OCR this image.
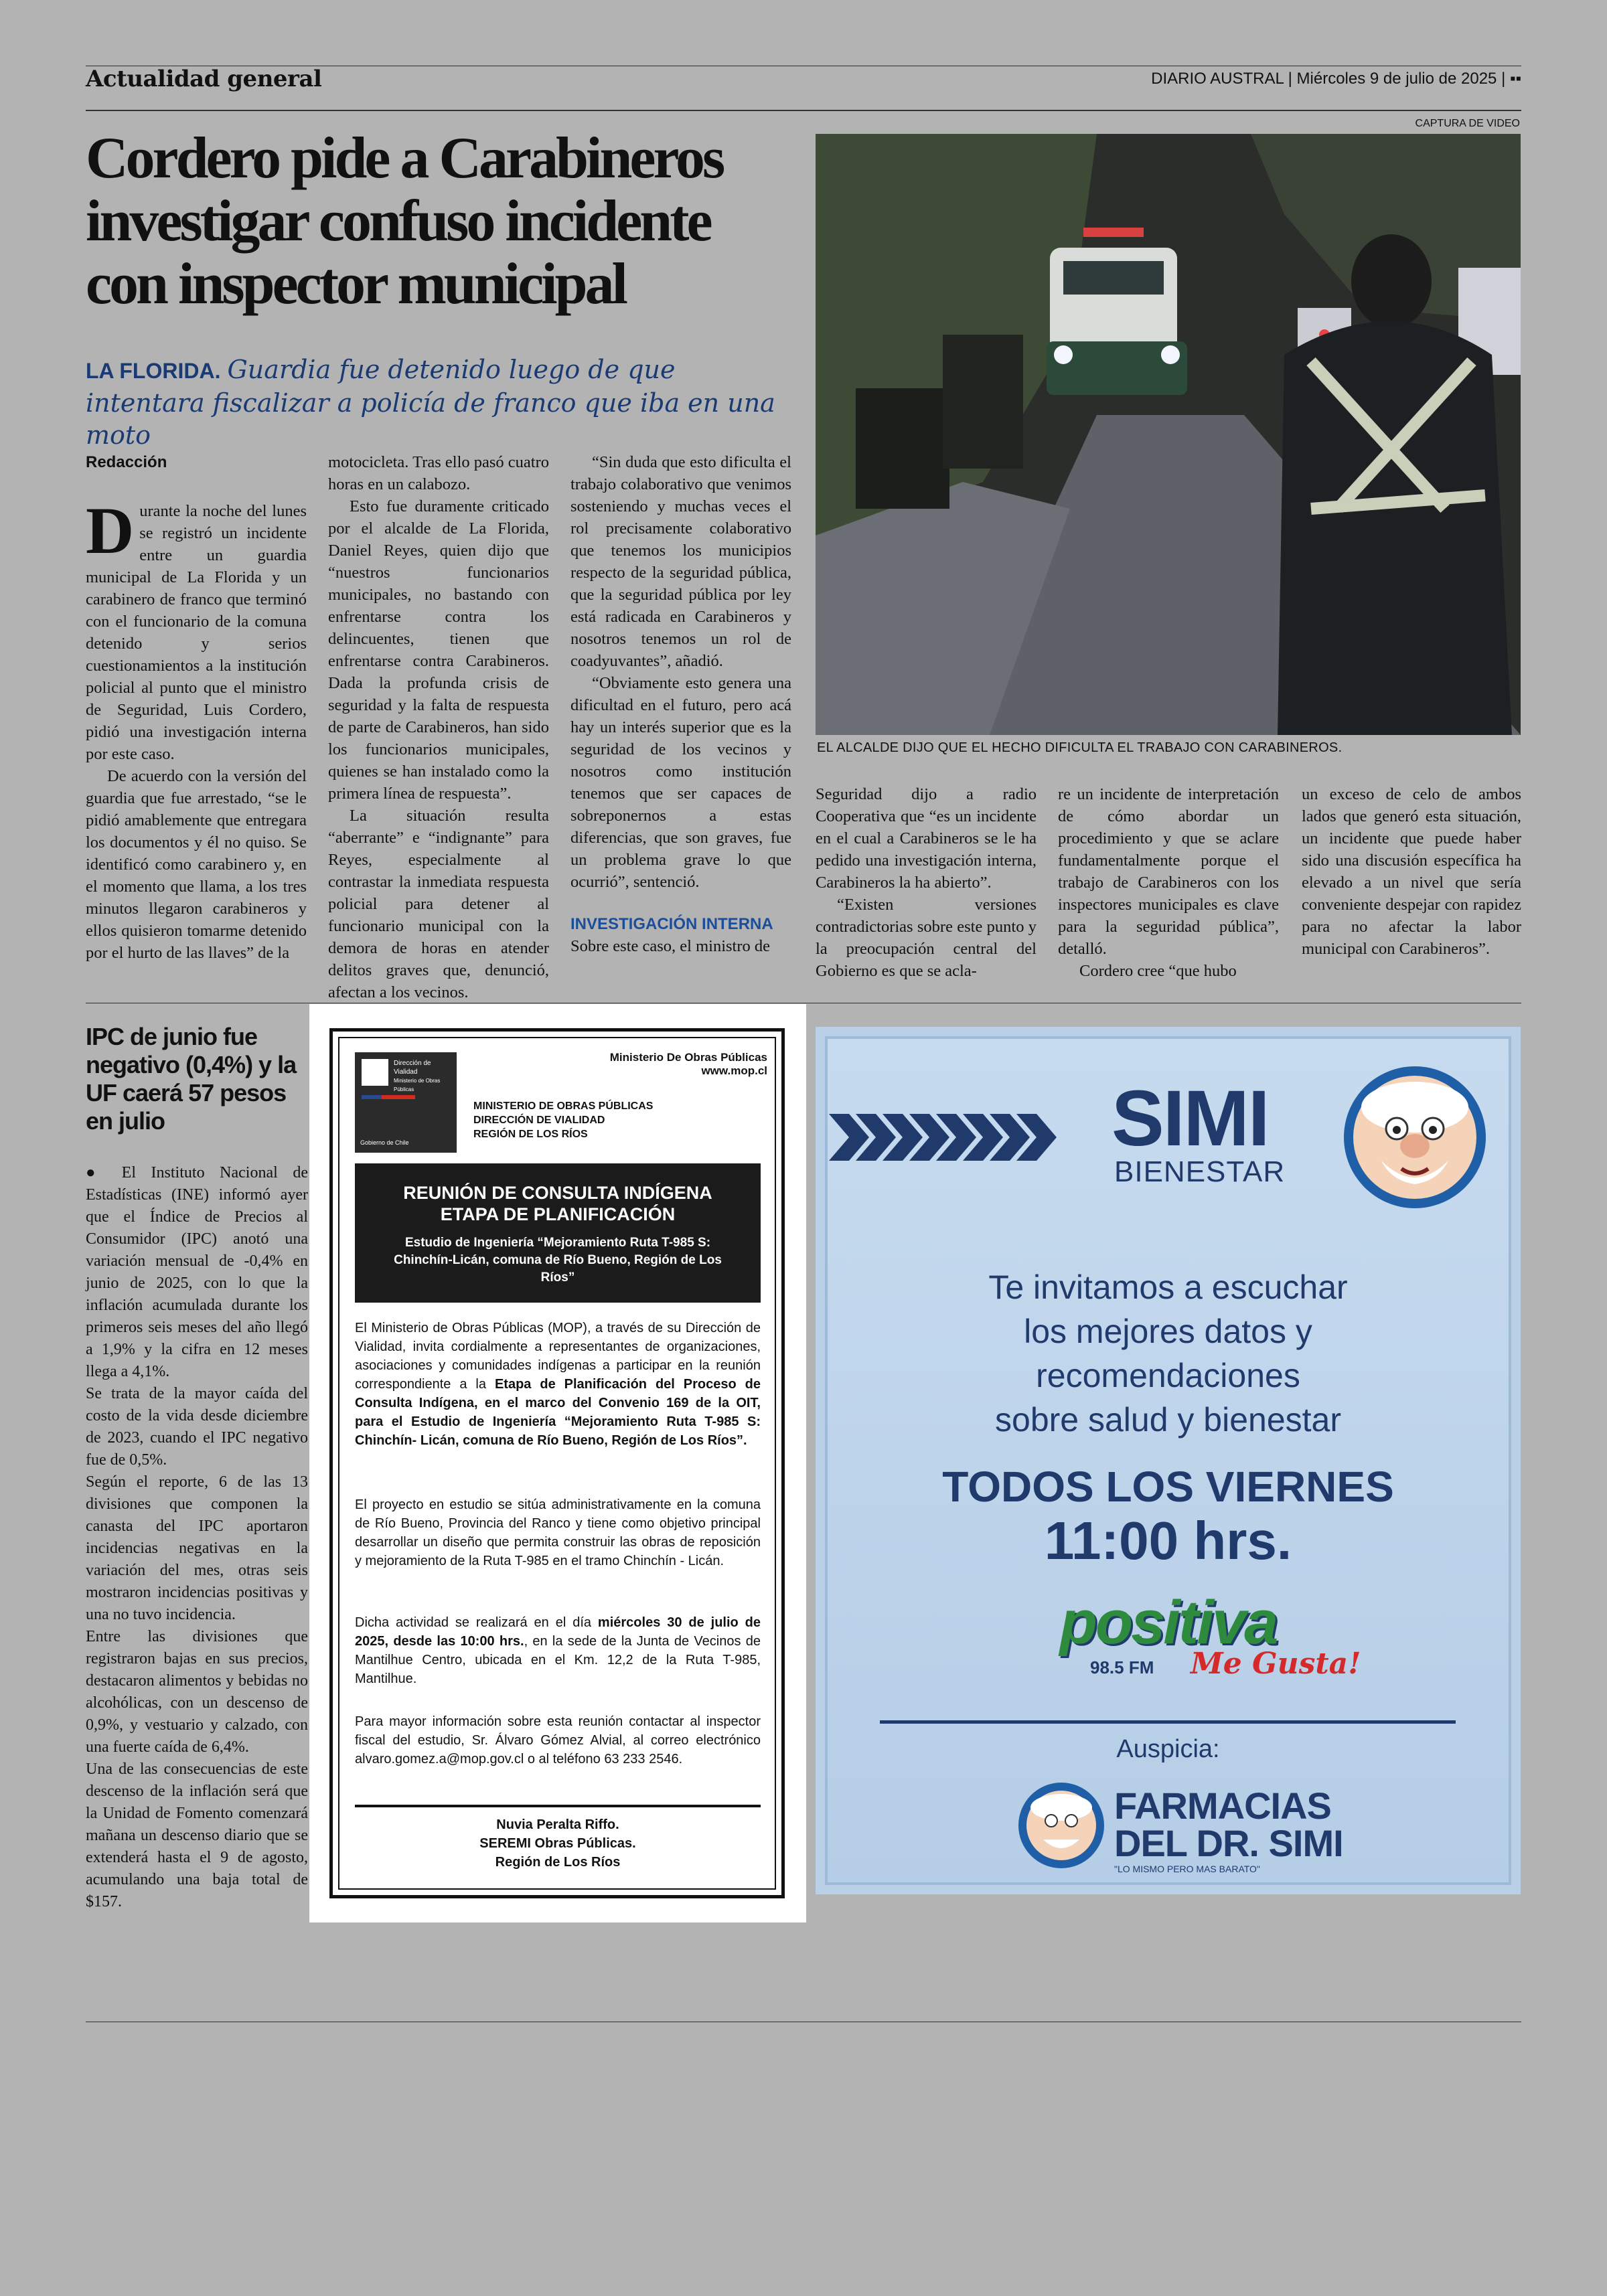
Actualidad general	DIARIO AUSTRAL | Miércoles 9 de julio de 2025 | ▪▪
Cordero pide a Carabineros investigar confuso incidente con inspector municipal
LA FLORIDA. Guardia fue detenido luego de que intentara fiscalizar a policía de franco que iba en una moto
CAPTURA DE VIDEO
EL ALCALDE DIJO QUE EL HECHO DIFICULTA EL TRABAJO CON CARABINEROS.
Redacción

Durante la noche del lunes se registró un incidente entre un guardia municipal de La Florida y un carabinero de franco que terminó con el funcionario de la comuna detenido y serios cuestionamientos a la institución policial al punto que el ministro de Seguridad, Luis Cordero, pidió una investigación interna por este caso.

De acuerdo con la versión del guardia que fue arrestado, “se le pidió amablemente que entregara los documentos y él no quiso. Se identificó como carabinero y, en el momento que llama, a los tres minutos llegaron carabineros y ellos quisieron tomarme detenido por el hurto de las llaves” de la

motocicleta. Tras ello pasó cuatro horas en un calabozo.

Esto fue duramente criticado por el alcalde de La Florida, Daniel Reyes, quien dijo que “nuestros funcionarios municipales, no bastando con enfrentarse contra los delincuentes, tienen que enfrentarse contra Carabineros. Dada la profunda crisis de seguridad y la falta de respuesta de parte de Carabineros, han sido los funcionarios municipales, quienes se han instalado como la primera línea de respuesta”.

La situación resulta “aberrante” e “indignante” para Reyes, especialmente al contrastar la inmediata respuesta policial para detener al funcionario municipal con la demora de horas en atender delitos graves que, denunció, afectan a los vecinos.

“Sin duda que esto dificulta el trabajo colaborativo que venimos sosteniendo y muchas veces el rol precisamente colaborativo que tenemos los municipios respecto de la seguridad pública, que la seguridad pública por ley está radicada en Carabineros y nosotros tenemos un rol de coadyuvantes”, añadió.

“Obviamente esto genera una dificultad en el futuro, pero acá hay un interés superior que es la seguridad de los vecinos y nosotros como institución tenemos que ser capaces de sobreponernos a estas diferencias, que son graves, fue un problema grave lo que ocurrió”, sentenció.

INVESTIGACIÓN INTERNA

Sobre este caso, el ministro de

Seguridad dijo a radio Cooperativa que “es un incidente en el cual a Carabineros se le ha pedido una investigación interna, Carabineros la ha abierto”.

“Existen versiones contradictorias sobre este punto y la preocupación central del Gobierno es que se acla-

re un incidente de interpretación de cómo abordar un procedimiento y que se aclare fundamentalmente porque el trabajo de Carabineros con los inspectores municipales es clave para la seguridad pública”, detalló.

Cordero cree “que hubo

un exceso de celo de ambos lados que generó esta situación, un incidente que puede haber sido una discusión específica ha elevado a un nivel que sería conveniente despejar con rapidez para no afectar la labor municipal con Carabineros”.

IPC de junio fue negativo (0,4%) y la UF caerá 57 pesos en julio

● El Instituto Nacional de Estadísticas (INE) informó ayer que el Índice de Precios al Consumidor (IPC) anotó una variación mensual de -0,4% en junio de 2025, con lo que la inflación acumulada durante los primeros seis meses del año llegó a 1,9% y la cifra en 12 meses llega a 4,1%.

Se trata de la mayor caída del costo de la vida desde diciembre de 2023, cuando el IPC negativo fue de 0,5%.

Según el reporte, 6 de las 13 divisiones que componen la canasta del IPC aportaron incidencias negativas en la variación del mes, otras seis mostraron incidencias positivas y una no tuvo incidencia.

Entre las divisiones que registraron bajas en sus precios, destacaron alimentos y bebidas no alcohólicas, con un descenso de 0,9%, y vestuario y calzado, con una fuerte caída de 6,4%.

Una de las consecuencias de este descenso de la inflación será que la Unidad de Fomento comenzará mañana un descenso diario que se extenderá hasta el 9 de agosto, acumulando una baja total de $157.

Dirección de Vialidad
Ministerio de Obras Públicas
Gobierno de Chile
Ministerio De Obras Públicas
www.mop.cl
MINISTERIO DE OBRAS PÚBLICAS
DIRECCIÓN DE VIALIDAD
REGIÓN DE LOS RÍOS
REUNIÓN DE CONSULTA INDÍGENA
ETAPA DE PLANIFICACIÓN
Estudio de Ingeniería “Mejoramiento Ruta T-985 S: Chinchín-Licán, comuna de Río Bueno, Región de Los Ríos”
El Ministerio de Obras Públicas (MOP), a través de su Dirección de Vialidad, invita cordialmente a representantes de organizaciones, asociaciones y comunidades indígenas a participar en la reunión correspondiente a la Etapa de Planificación del Proceso de Consulta Indígena, en el marco del Convenio 169 de la OIT, para el Estudio de Ingeniería “Mejoramiento Ruta T-985 S: Chinchín- Licán, comuna de Río Bueno, Región de Los Ríos”.
El proyecto en estudio se sitúa administrativamente en la comuna de Río Bueno, Provincia del Ranco y tiene como objetivo principal desarrollar un diseño que permita construir las obras de reposición y mejoramiento de la Ruta T-985 en el tramo Chinchín - Licán.
Dicha actividad se realizará en el día miércoles 30 de julio de 2025, desde las 10:00 hrs., en la sede de la Junta de Vecinos de Mantilhue Centro, ubicada en el Km. 12,2 de la Ruta T-985, Mantilhue.
Para mayor información sobre esta reunión contactar al inspector fiscal del estudio, Sr. Álvaro Gómez Alvial, al correo electrónico alvaro.gomez.a@mop.gov.cl o al teléfono 63 233 2546.
Nuvia Peralta Riffo.
SEREMI Obras Públicas.
Región de Los Ríos
SIMI
BIENESTAR
Te invitamos a escuchar
los mejores datos y
recomendaciones
sobre salud y bienestar
TODOS LOS VIERNES
11:00 hrs.
positiva
98.5 FM Me Gusta!
Auspicia:
FARMACIAS
DEL DR. SIMI
"LO MISMO PERO MAS BARATO"
